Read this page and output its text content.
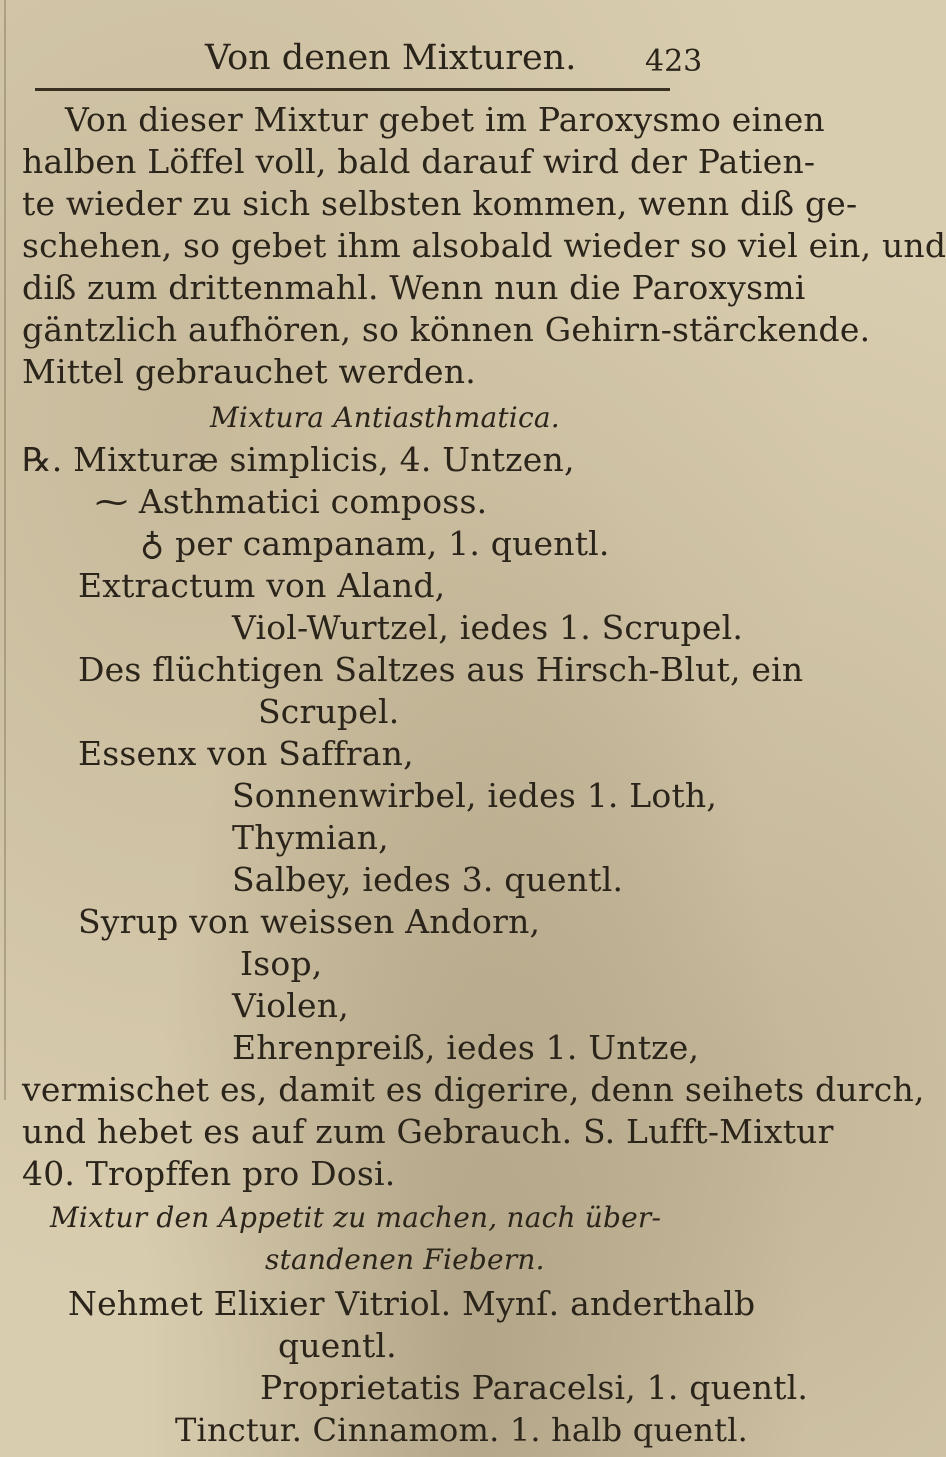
Von denen Mixturen. 423
Von dieser Mixtur gebet im Paroxysmo einen
halben Löffel voll, bald darauf wird der Patien-
te wieder zu sich selbsten kommen, wenn diß ge-
schehen, so gebet ihm alsobald wieder so viel ein, und
diß zum drittenmahl. Wenn nun die Paroxysmi
gäntzlich aufhören, so können Gehirn-stärckende.
Mittel gebrauchet werden.
Mixtura Antiasthmatica.
℞. Mixturæ simplicis, 4. Untzen,
⁓ Asthmatici composs.
♁ per campanam, 1. quentl.
Extractum von Aland,
Viol-Wurtzel, iedes 1. Scrupel.
Des flüchtigen Saltzes aus Hirsch-Blut, ein
Scrupel.
Essenx von Saffran,
Sonnenwirbel, iedes 1. Loth,
Thymian,
Salbey, iedes 3. quentl.
Syrup von weissen Andorn,
Isop,
Violen,
Ehrenpreiß, iedes 1. Untze,
vermischet es, damit es digerire, denn seihets durch,
und hebet es auf zum Gebrauch. S. Lufft-Mixtur
40. Tropffen pro Dosi.
Mixtur den Appetit zu machen, nach über-
standenen Fiebern.
Nehmet Elixier Vitriol. Mynſ. anderthalb
quentl.
Proprietatis Paracelsi, 1. quentl.
Tinctur. Cinnamom. 1. halb quentl.
